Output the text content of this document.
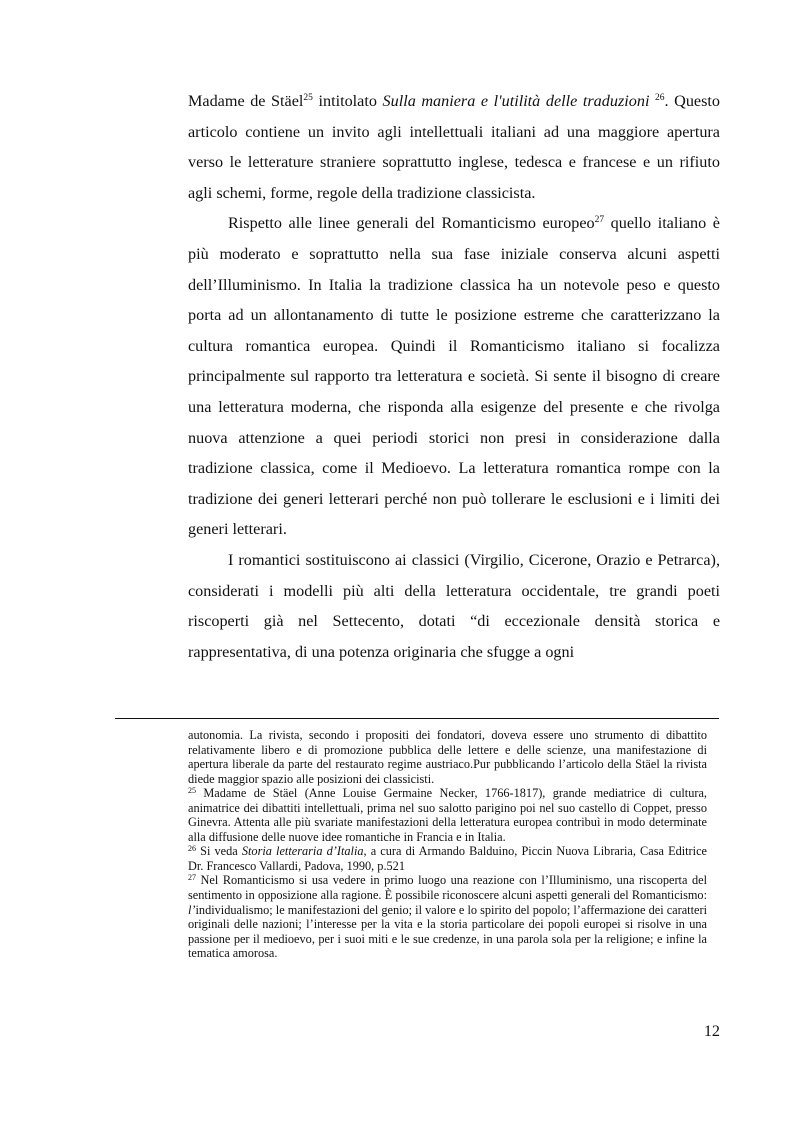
Madame de Stäel$^{25}$ intitolato Sulla maniera e l'utilità delle traduzioni $^{26}$. Questo articolo contiene un invito agli intellettuali italiani ad una maggiore apertura verso le letterature straniere soprattutto inglese, tedesca e francese e un rifiuto agli schemi, forme, regole della tradizione classicista.

Rispetto alle linee generali del Romanticismo europeo$^{27}$ quello italiano è più moderato e soprattutto nella sua fase iniziale conserva alcuni aspetti dell’Illuminismo. In Italia la tradizione classica ha un notevole peso e questo porta ad un allontanamento di tutte le posizione estreme che caratterizzano la cultura romantica europea. Quindi il Romanticismo italiano si focalizza principalmente sul rapporto tra letteratura e società. Si sente il bisogno di creare una letteratura moderna, che risponda alla esigenze del presente e che rivolga nuova attenzione a quei periodi storici non presi in considerazione dalla tradizione classica, come il Medioevo. La letteratura romantica rompe con la tradizione dei generi letterari perché non può tollerare le esclusioni e i limiti dei generi letterari.

I romantici sostituiscono ai classici (Virgilio, Cicerone, Orazio e Petrarca), considerati i modelli più alti della letteratura occidentale, tre grandi poeti riscoperti già nel Settecento, dotati “di eccezionale densità storica e rappresentativa, di una potenza originaria che sfugge a ogni

autonomia. La rivista, secondo i propositi dei fondatori, doveva essere uno strumento di dibattito relativamente libero e di promozione pubblica delle lettere e delle scienze, una manifestazione di apertura liberale da parte del restaurato regime austriaco.Pur pubblicando l’articolo della Stäel la rivista diede maggior spazio alle posizioni dei classicisti.

$^{25}$ Madame de Stäel (Anne Louise Germaine Necker, 1766-1817), grande mediatrice di cultura, animatrice dei dibattiti intellettuali, prima nel suo salotto parigino poi nel suo castello di Coppet, presso Ginevra. Attenta alle più svariate manifestazioni della letteratura europea contribuì in modo determinate alla diffusione delle nuove idee romantiche in Francia e in Italia.

$^{26}$ Si veda Storia letteraria d’Italia, a cura di Armando Balduino, Piccin Nuova Libraria, Casa Editrice Dr. Francesco Vallardi, Padova, 1990, p.521

$^{27}$ Nel Romanticismo si usa vedere in primo luogo una reazione con l’Illuminismo, una riscoperta del sentimento in opposizione alla ragione. È possibile riconoscere alcuni aspetti generali del Romanticismo: l’individualismo; le manifestazioni del genio; il valore e lo spirito del popolo; l’affermazione dei caratteri originali delle nazioni; l’interesse per la vita e la storia particolare dei popoli europei si risolve in una passione per il medioevo, per i suoi miti e le sue credenze, in una parola sola per la religione; e infine la tematica amorosa.

12
